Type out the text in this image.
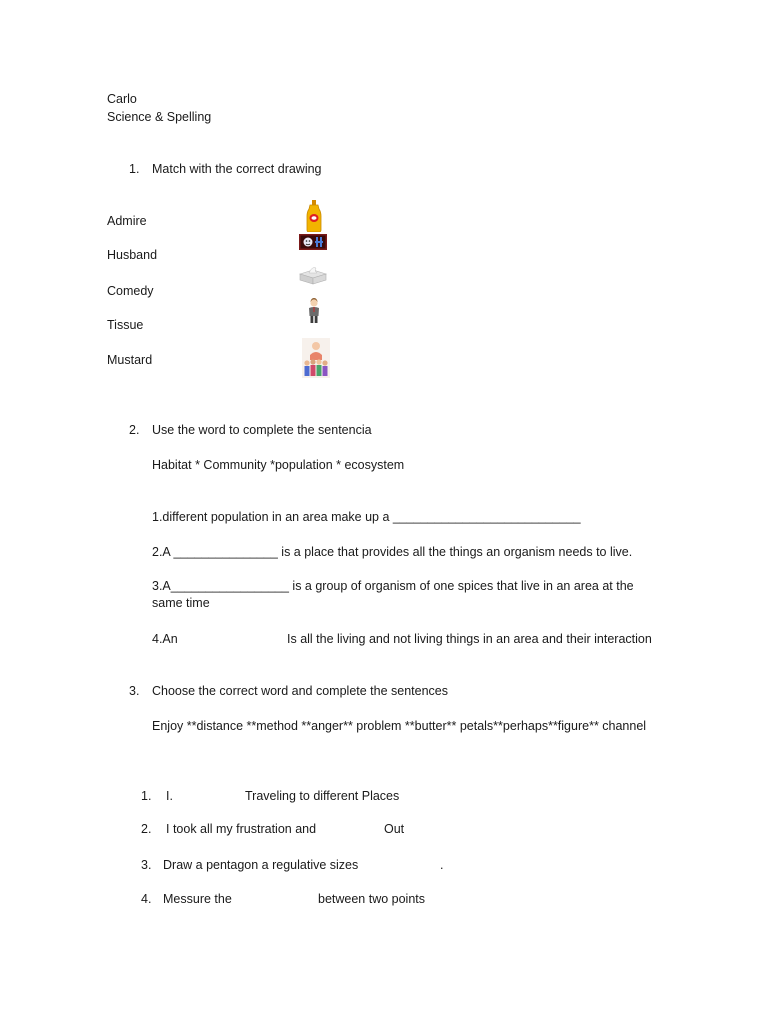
Carlo
Science & Spelling
1. Match with the correct drawing
Admire
Husband
Comedy
Tissue
Mustard
2. Use the word to complete the sentencia
Habitat * Community *population * ecosystem
1.different population in an area make up a ___________________________
2.A _______________ is a place that provides all the things an organism needs to live.
3.A_________________ is a group of organism of one spices that live in an area at the same time
4.An	Is all the living and not living things in an area and their interaction
3. Choose the correct word and complete the sentences
Enjoy **distance **method **anger** problem **butter** petals**perhaps**figure** channel
1. I.	Traveling to different Places
2. I took all my frustration and	Out
3. Draw a pentagon a regulative sizes	.
4. Messure the	between two points
